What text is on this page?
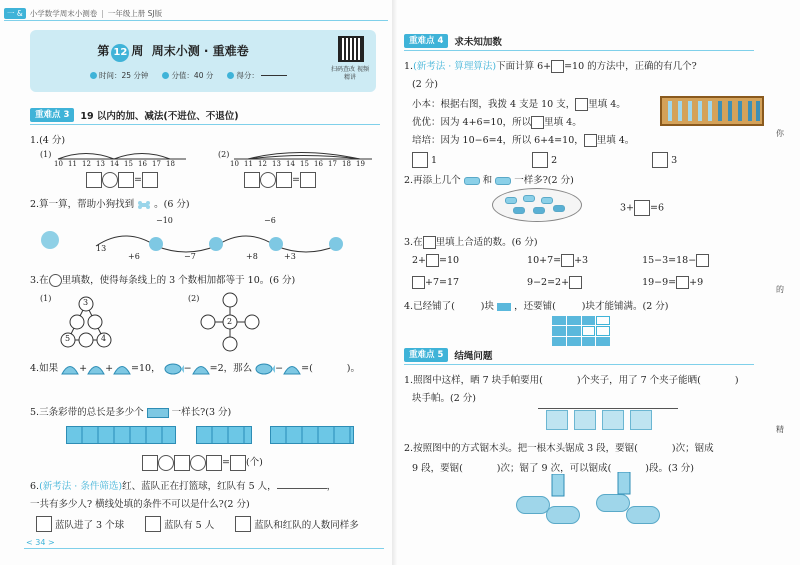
一 & 小学数学周末小测卷 | 一年级上册 SJ版
第 12 周 周末小测 · 重难卷
时间：25 分钟	分值：40 分	得分：
扫码查改 视频精讲
重难点 3	19 以内的加、减法(不进位、不退位)
1.(4 分)
(1)
10 11 12 13 14 15 16 17 18
=
(2)
10 11 12 13 14 15 16 17 18 19
=
2.算一算，帮助小狗找到 。(6 分)
13
+6	−7	+8	+3
−10	−6
3.在 里填数，使得每条线上的 3 个数相加都等于 10。(6 分)
(1)	3
5	4
(2)
2
4.如果 + + =10， − =2，那么 − =(	)。
5.三条彩带的总长是多少个	一样长?(3 分)
= (个)
6.(新考法 · 条件筛选)红、蓝队正在打篮球，红队有 5 人，	，
一共有多少人? 横线处填的条件不可以是什么?(2 分)
蓝队进了 3 个球
	蓝队有 5 人
	蓝队和红队的人数同样多
< 34 >
重难点 4	求未知加数
1.(新考法 · 算理算法)下面计算 6+ =10 的方法中，正确的有几个?
(2 分)
小本：根据右图，我拨 4 支是 10 支， 里填 4。
优优：因为 4+6=10，所以 里填 4。
培培：因为 10−6=4，所以 6+4=10， 里填 4。
1
	2
	3
2.再添上几个 和 一样多?(2 分)
3+ =6
3.在 里填上合适的数。(6 分)
2+ =10	10+7= +3	15−3=18−
+7=17	9−2=2+	19−9= +9
4.已经铺了(	)块 ，还要铺(	)块才能铺满。(2 分)
重难点 5	结绳问题
1.照图中这样，晒 7 块手帕要用(	)个夹子，用了 7 个夹子能晒(	)
块手帕。(2 分)
2.按照图中的方式锯木头。把一根木头锯成 3 段，要锯(	)次；锯成
9 段，要锯(	)次；锯了 9 次，可以锯成(	)段。(3 分)
你
的
精
